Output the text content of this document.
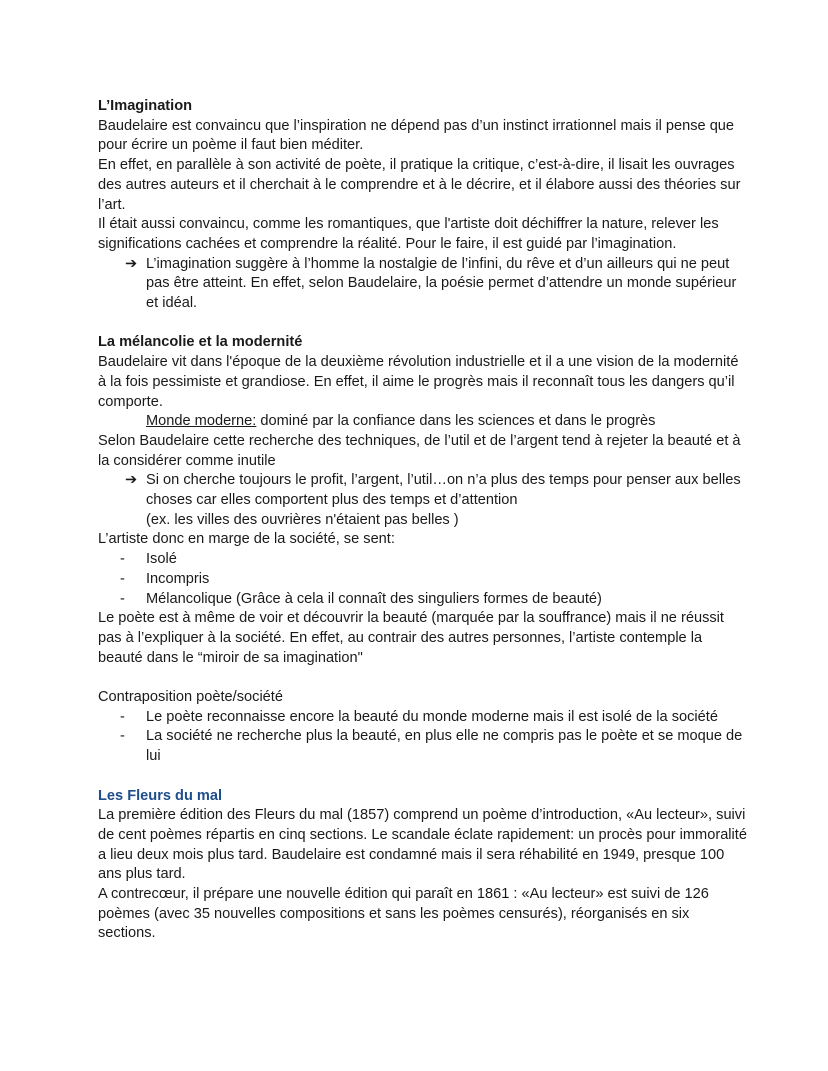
L’Imagination

Baudelaire est convaincu que l’inspiration ne dépend pas d’un instinct irrationnel mais il pense que pour écrire un poème il faut bien méditer.

En effet, en parallèle à son activité de poète, il pratique la critique, c’est-à-dire, il lisait les ouvrages des autres auteurs et il cherchait à le comprendre et à le décrire, et il élabore aussi des théories sur l’art.

Il était aussi convaincu, comme les romantiques, que l'artiste doit déchiffrer la nature, relever les significations cachées et comprendre la réalité. Pour le faire, il est guidé par l’imagination.

➔ L’imagination suggère à l’homme la nostalgie de l’infini, du rêve et d’un ailleurs qui ne peut pas être atteint. En effet, selon Baudelaire, la poésie permet d’attendre un monde supérieur et idéal.
La mélancolie et la modernité

Baudelaire vit dans l'époque de la deuxième révolution industrielle et il a une vision de la modernité à la fois pessimiste et grandiose. En effet, il aime le progrès mais il reconnaît tous les dangers qu’il comporte.

Monde moderne: dominé par la confiance dans les sciences et dans le progrès

Selon Baudelaire cette recherche des techniques, de l’util et de l’argent tend à rejeter la beauté et à la considérer comme inutile

➔ Si on cherche toujours le profit, l’argent, l’util…on n’a plus des temps pour penser aux belles choses car elles comportent plus des temps et d’attention

(ex. les villes des ouvrières n'étaient pas belles )

L’artiste donc en marge de la société, se sent:

- Isolé
- Incompris
- Mélancolique (Grâce à cela il connaît des singuliers formes de beauté)

Le poète est à même de voir et découvrir la beauté (marquée par la souffrance) mais il ne réussit pas à l’expliquer à la société. En effet, au contrair des autres personnes, l’artiste contemple la beauté dans le “miroir de sa imagination"

Contraposition poète/société

- Le poète reconnaisse encore la beauté du monde moderne mais il est isolé de la société
- La société ne recherche plus la beauté, en plus elle ne compris pas le poète et se moque de lui
Les Fleurs du mal

La première édition des Fleurs du mal (1857) comprend un poème d’introduction, «Au lecteur», suivi de cent poèmes répartis en cinq sections. Le scandale éclate rapidement: un procès pour immoralité a lieu deux mois plus tard. Baudelaire est condamné mais il sera réhabilité en 1949, presque 100 ans plus tard.

A contrecœur, il prépare une nouvelle édition qui paraît en 1861 : «Au lecteur» est suivi de 126 poèmes (avec 35 nouvelles compositions et sans les poèmes censurés), réorganisés en six sections.
